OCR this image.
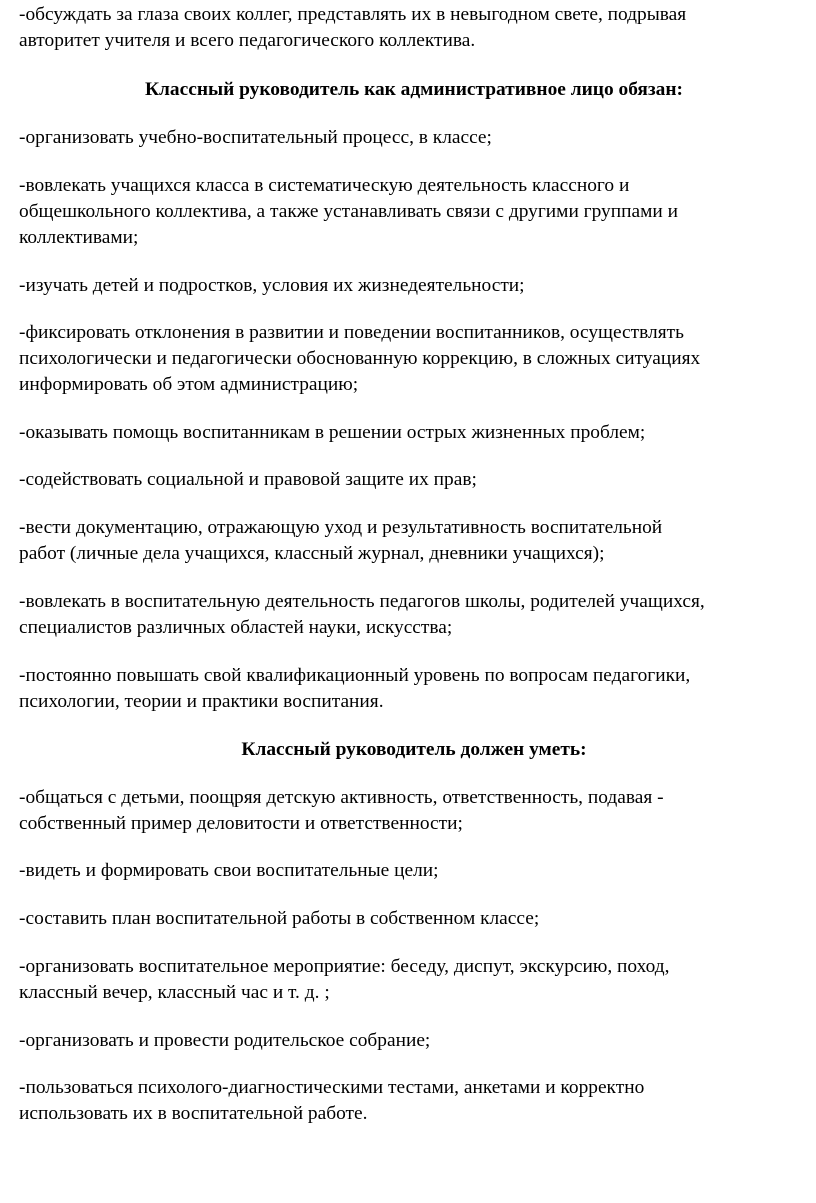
-обсуждать за глаза своих коллег, представлять их в невыгодном свете, подрывая
авторитет учителя и всего педагогического коллектива.

Классный руководитель как административное лицо обязан:

-организовать учебно-воспитательный процесс, в классе;

-вовлекать учащихся класса в систематическую деятельность классного и
общешкольного коллектива, а также устанавливать связи с другими группами и
коллективами;

-изучать детей и подростков, условия их жизнедеятельности;

-фиксировать отклонения в развитии и поведении воспитанников, осуществлять
психологически и педагогически обоснованную коррекцию, в сложных ситуациях
информировать об этом администрацию;

-оказывать помощь воспитанникам в решении острых жизненных проблем;

-содействовать социальной и правовой защите их прав;

-вести документацию, отражающую уход и результативность воспитательной
работ (личные дела учащихся, классный журнал, дневники учащихся);

-вовлекать в воспитательную деятельность педагогов школы, родителей учащихся,
специалистов различных областей науки, искусства;

-постоянно повышать свой квалификационный уровень по вопросам педагогики,
психологии, теории и практики воспитания.

Классный руководитель должен уметь:

-общаться с детьми, поощряя детскую активность, ответственность, подавая -
собственный пример деловитости и ответственности;

-видеть и формировать свои воспитательные цели;

-составить план воспитательной работы в собственном классе;

-организовать воспитательное мероприятие: беседу, диспут, экскурсию, поход,
классный вечер, классный час и т. д. ;

-организовать и провести родительское собрание;

-пользоваться психолого-диагностическими тестами, анкетами и корректно
использовать их в воспитательной работе.
